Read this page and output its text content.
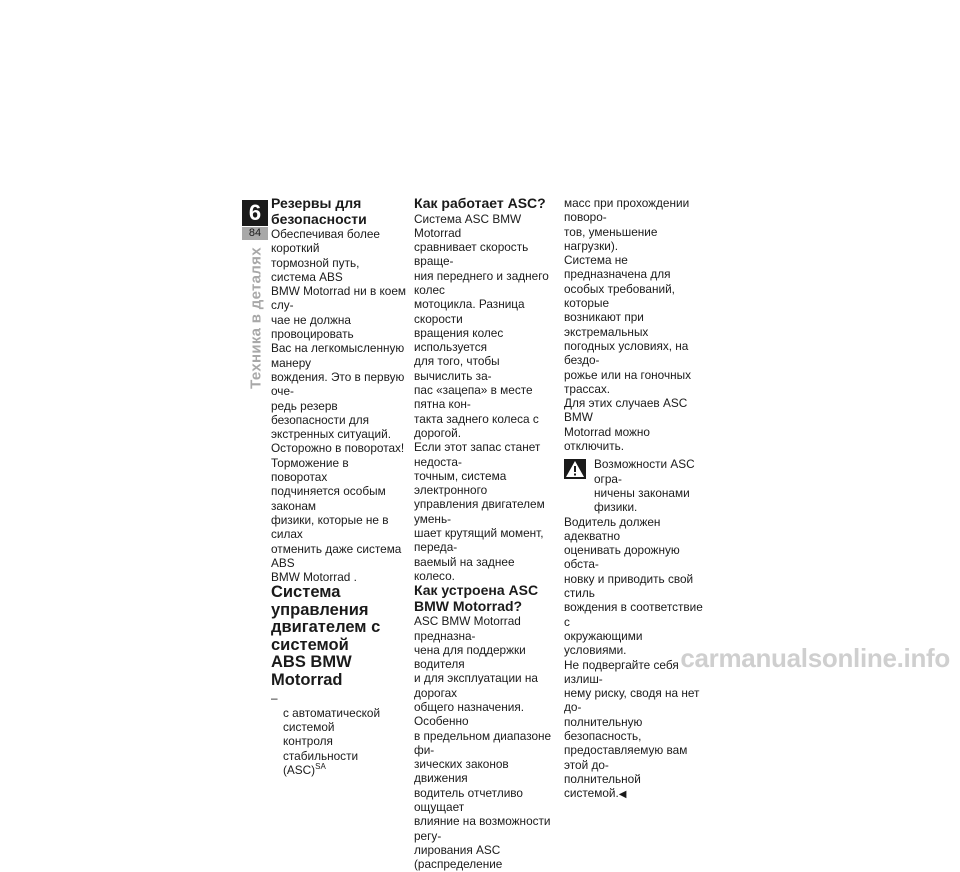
6
84
Техника в деталях
Резервы для
безопасности
Обеспечивая более короткий
тормозной путь, система ABS
BMW Motorrad ни в коем слу-
чае не должна провоцировать
Вас на легкомысленную манеру
вождения. Это в первую оче-
редь резерв безопасности для
экстренных ситуаций.
Осторожно в поворотах!
Торможение в поворотах
подчиняется особым законам
физики, которые не в силах
отменить даже система ABS
BMW Motorrad .
Система управления
двигателем с системой
ABS BMW Motorrad

–
с автоматической системой
контроля стабильности
(ASC)$^{SA}$

Как работает ASC?
Система ASC BMW Motorrad
сравнивает скорость враще-
ния переднего и заднего колес
мотоцикла. Разница скорости
вращения колес используется
для того, чтобы вычислить за-
пас «зацепа» в месте пятна кон-
такта заднего колеса с дорогой.
Если этот запас станет недоста-
точным, система электронного
управления двигателем умень-
шает крутящий момент, переда-
ваемый на заднее колесо.
Как устроена ASC
BMW Motorrad?
ASC BMW Motorrad предназна-
чена для поддержки водителя
и для эксплуатации на дорогах
общего назначения. Особенно
в предельном диапазоне фи-
зических законов движения
водитель отчетливо ощущает
влияние на возможности регу-
лирования ASC (распределение
масс при прохождении поворо-
тов, уменьшение нагрузки).
Система не предназначена для
особых требований, которые
возникают при экстремальных
погодных условиях, на бездо-
рожье или на гоночных трассах.
Для этих случаев ASC BMW
Motorrad можно отключить.
Возможности ASC огра-
ничены законами физики.
Водитель должен адекватно
оценивать дорожную обста-
новку и приводить свой стиль
вождения в соответствие с
окружающими условиями.
Не подвергайте себя излиш-
нему риску, сводя на нет до-
полнительную безопасность,
предоставляемую вам этой до-
полнительной системой.◀
carmanualsonline.info
